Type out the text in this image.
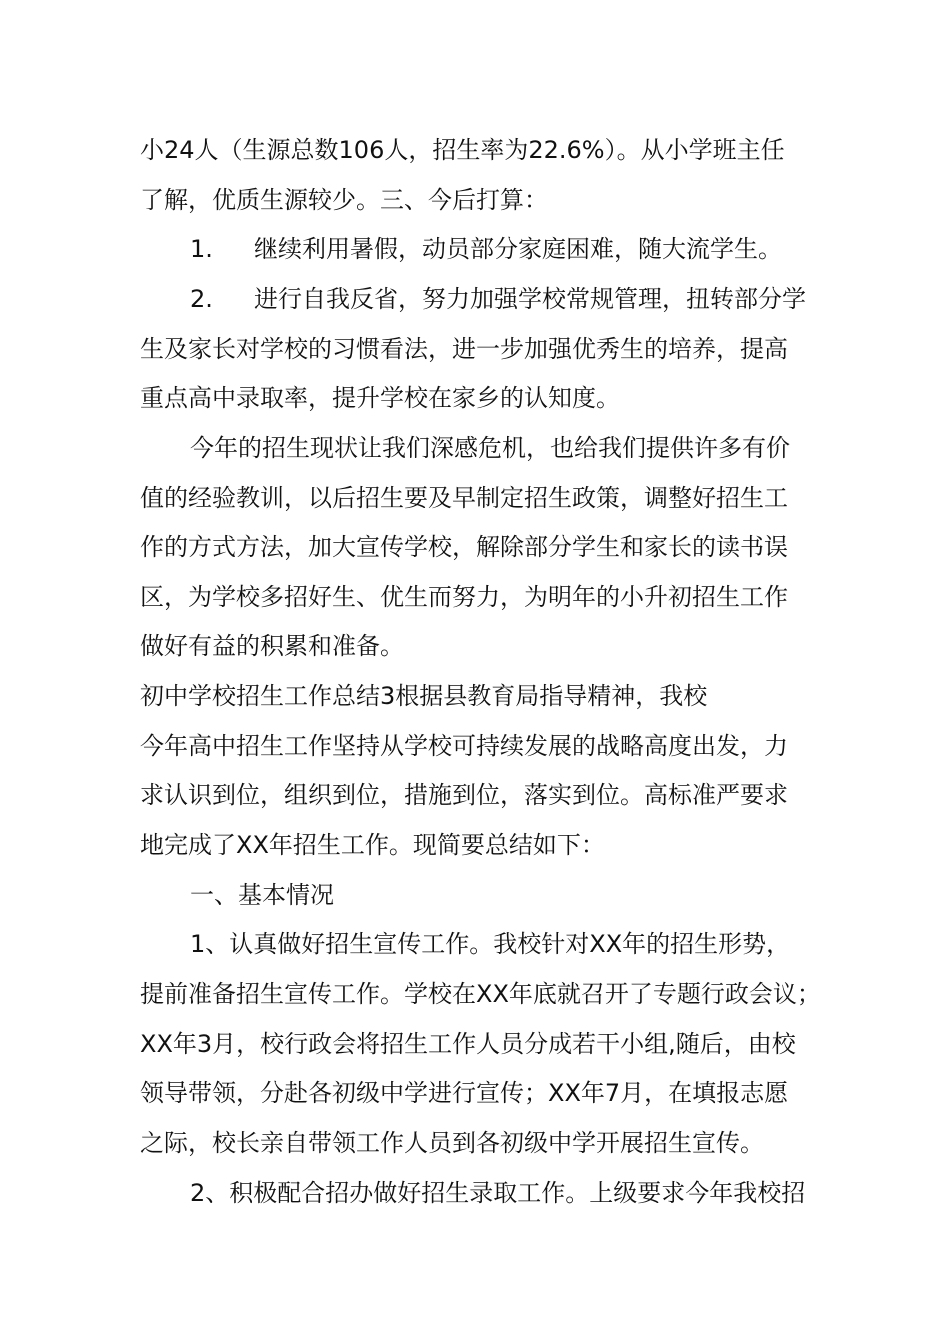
小24人（生源总数106人，招生率为22.6%）。从小学班主任
了解，优质生源较少。三、今后打算：
1. 继续利用暑假，动员部分家庭困难，随大流学生。
2. 进行自我反省，努力加强学校常规管理，扭转部分学
生及家长对学校的习惯看法，进一步加强优秀生的培养，提高
重点高中录取率，提升学校在家乡的认知度。
今年的招生现状让我们深感危机，也给我们提供许多有价
值的经验教训，以后招生要及早制定招生政策，调整好招生工
作的方式方法，加大宣传学校，解除部分学生和家长的读书误
区，为学校多招好生、优生而努力，为明年的小升初招生工作
做好有益的积累和准备。
初中学校招生工作总结3根据县教育局指导精神，我校
今年高中招生工作坚持从学校可持续发展的战略高度出发，力
求认识到位，组织到位，措施到位，落实到位。高标准严要求
地完成了XX年招生工作。现简要总结如下：
一、基本情况
1、认真做好招生宣传工作。我校针对XX年的招生形势，
提前准备招生宣传工作。学校在XX年底就召开了专题行政会议；
XX年3月，校行政会将招生工作人员分成若干小组,随后，由校
领导带领，分赴各初级中学进行宣传；XX年7月，在填报志愿
之际，校长亲自带领工作人员到各初级中学开展招生宣传。
2、积极配合招办做好招生录取工作。上级要求今年我校招
